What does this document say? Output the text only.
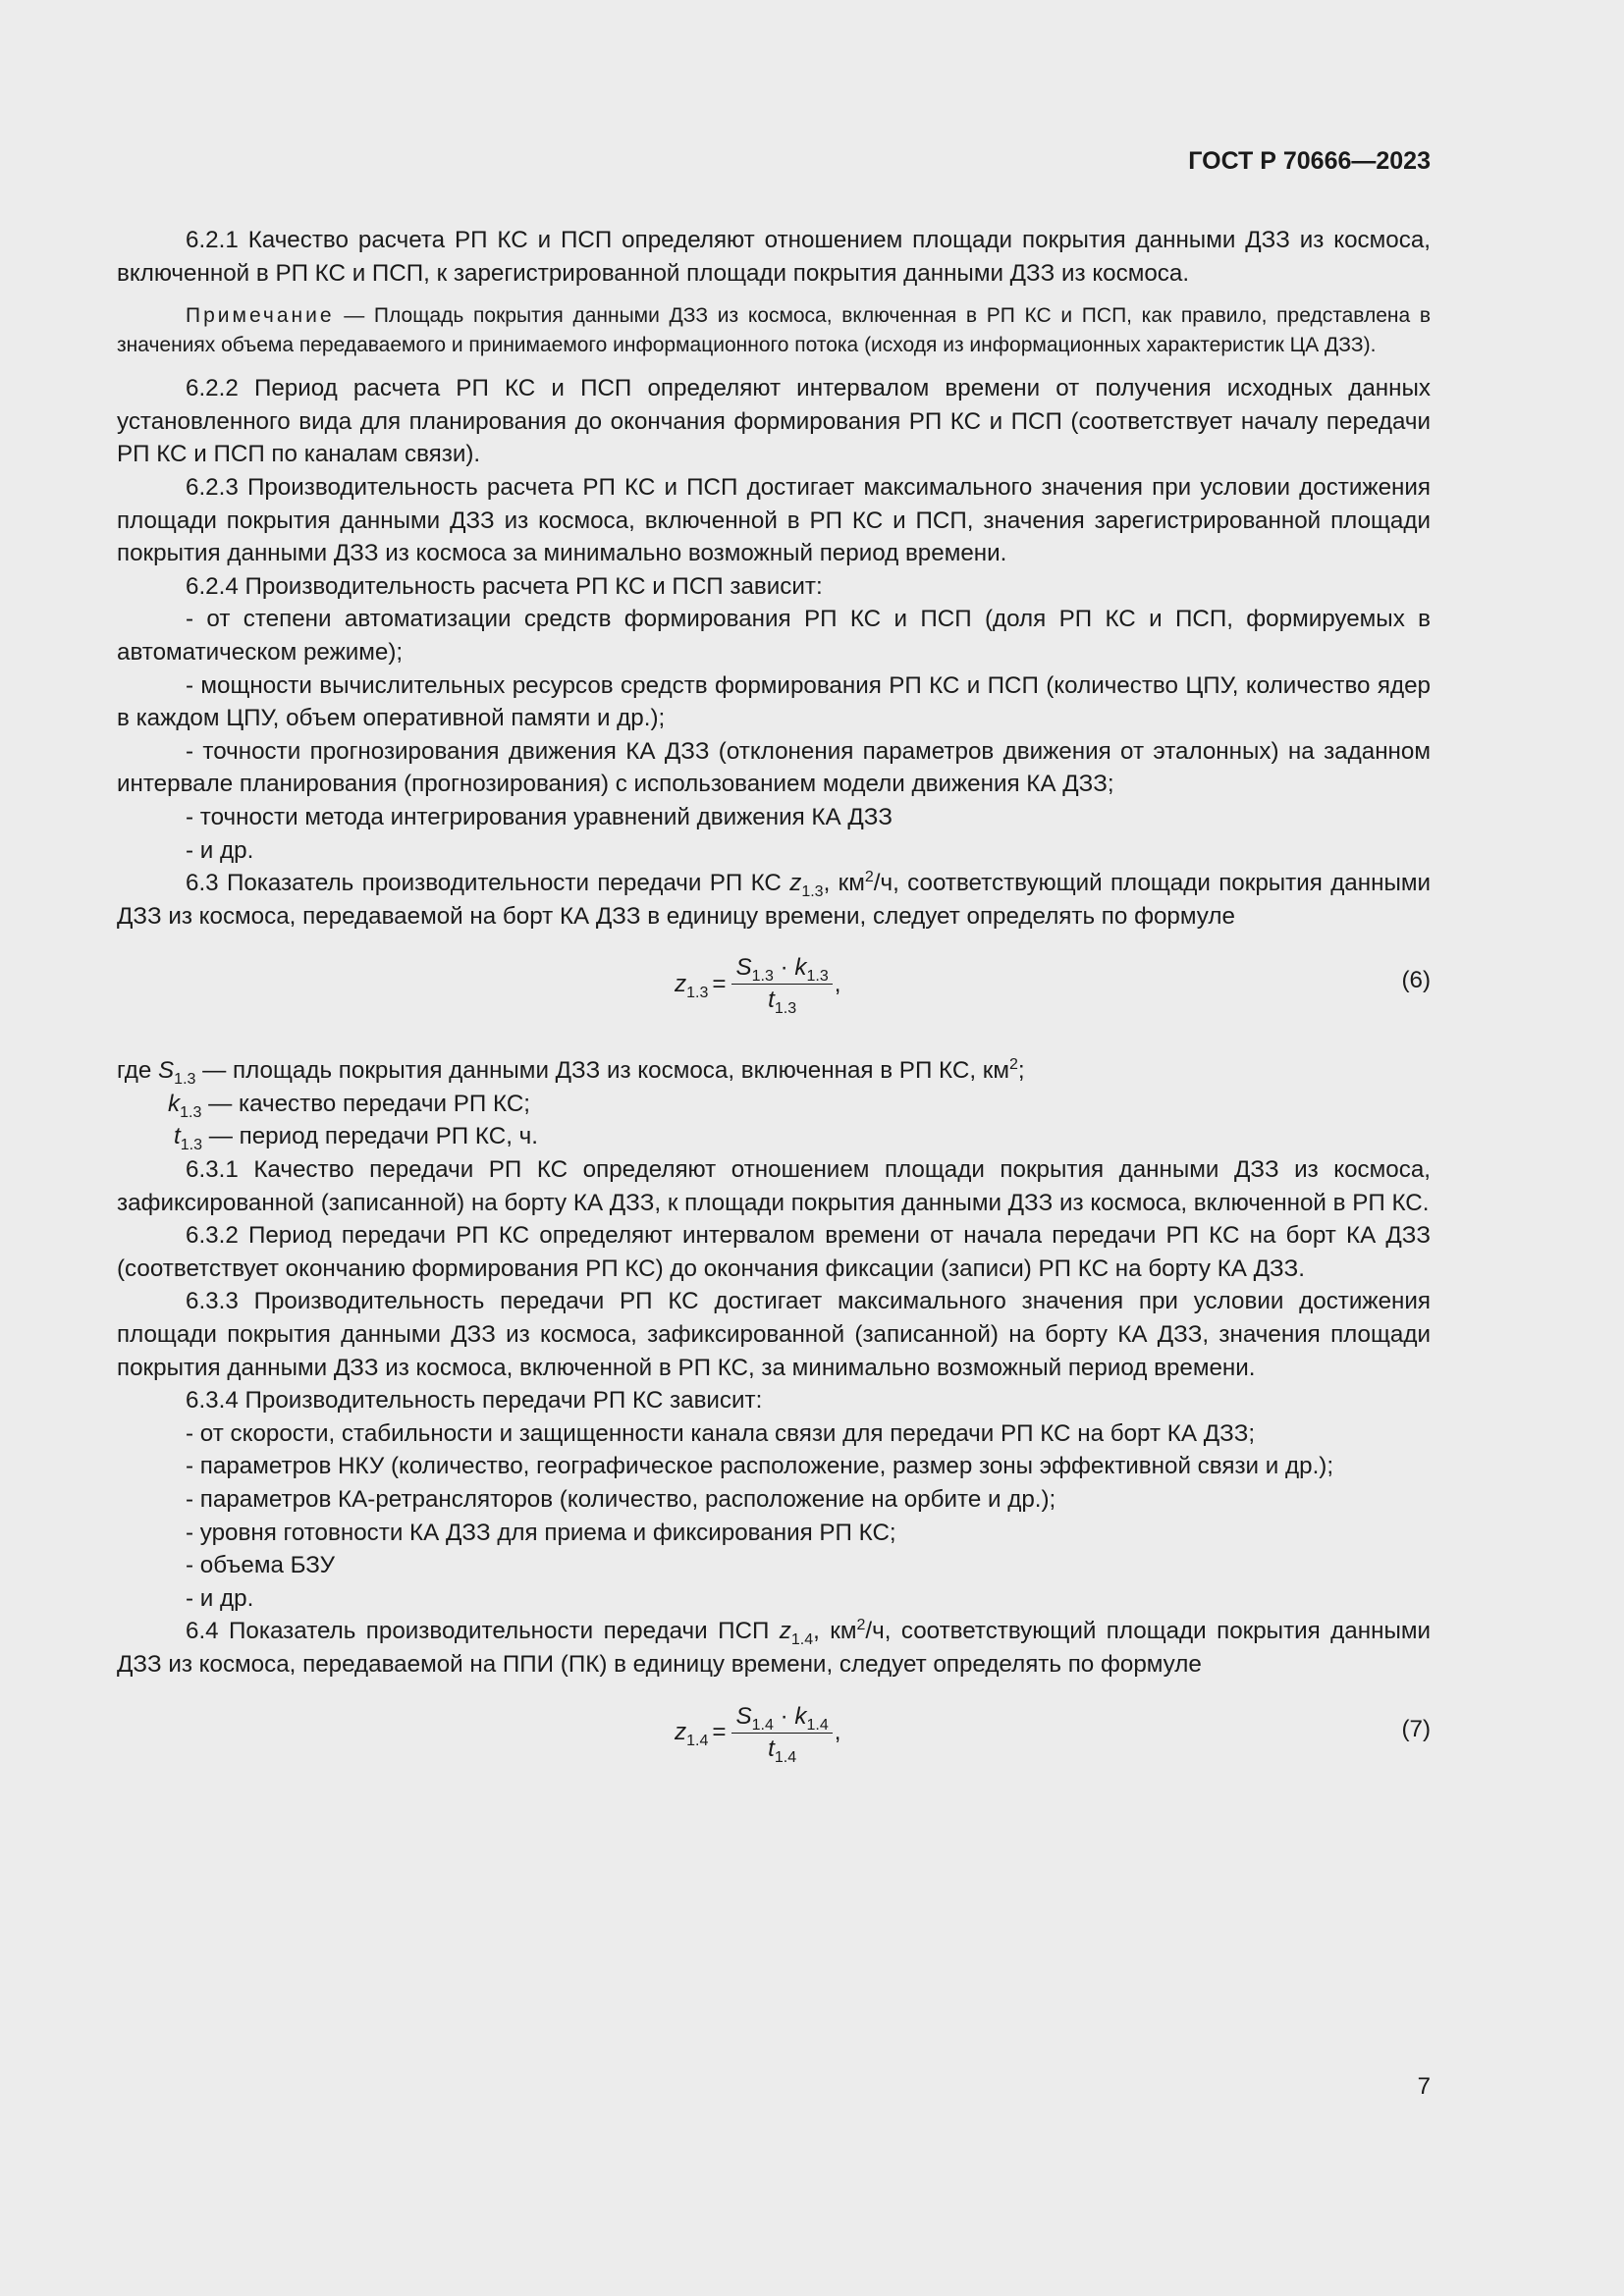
ГОСТ Р 70666—2023

6.2.1 Качество расчета РП КС и ПСП определяют отношением площади покрытия данными ДЗЗ из космоса, включенной в РП КС и ПСП, к зарегистрированной площади покрытия данными ДЗЗ из космоса.

Примечание — Площадь покрытия данными ДЗЗ из космоса, включенная в РП КС и ПСП, как правило, представлена в значениях объема передаваемого и принимаемого информационного потока (исходя из информационных характеристик ЦА ДЗЗ).

6.2.2 Период расчета РП КС и ПСП определяют интервалом времени от получения исходных данных установленного вида для планирования до окончания формирования РП КС и ПСП (соответствует началу передачи РП КС и ПСП по каналам связи).

6.2.3 Производительность расчета РП КС и ПСП достигает максимального значения при условии достижения площади покрытия данными ДЗЗ из космоса, включенной в РП КС и ПСП, значения зарегистрированной площади покрытия данными ДЗЗ из космоса за минимально возможный период времени.

6.2.4 Производительность расчета РП КС и ПСП зависит:

- от степени автоматизации средств формирования РП КС и ПСП (доля РП КС и ПСП, формируемых в автоматическом режиме);

- мощности вычислительных ресурсов средств формирования РП КС и ПСП (количество ЦПУ, количество ядер в каждом ЦПУ, объем оперативной памяти и др.);

- точности прогнозирования движения КА ДЗЗ (отклонения параметров движения от эталонных) на заданном интервале планирования (прогнозирования) с использованием модели движения КА ДЗЗ;

- точности метода интегрирования уравнений движения КА ДЗЗ

- и др.

6.3 Показатель производительности передачи РП КС $z_{1.3}$, $км^2/ч$, соответствующий площади покрытия данными ДЗЗ из космоса, передаваемой на борт КА ДЗЗ в единицу времени, следует определять по формуле

$z_{1.3} = \frac{S_{1.3} \cdot k_{1.3}}{t_{1.3}}$ ,	(6)

где $S_{1.3}$ — площадь покрытия данными ДЗЗ из космоса, включенная в РП КС, $км^2$;

$k_{1.3}$ — качество передачи РП КС;

$t_{1.3}$ — период передачи РП КС, ч.

6.3.1 Качество передачи РП КС определяют отношением площади покрытия данными ДЗЗ из космоса, зафиксированной (записанной) на борту КА ДЗЗ, к площади покрытия данными ДЗЗ из космоса, включенной в РП КС.

6.3.2 Период передачи РП КС определяют интервалом времени от начала передачи РП КС на борт КА ДЗЗ (соответствует окончанию формирования РП КС) до окончания фиксации (записи) РП КС на борту КА ДЗЗ.

6.3.3 Производительность передачи РП КС достигает максимального значения при условии достижения площади покрытия данными ДЗЗ из космоса, зафиксированной (записанной) на борту КА ДЗЗ, значения площади покрытия данными ДЗЗ из космоса, включенной в РП КС, за минимально возможный период времени.

6.3.4 Производительность передачи РП КС зависит:

- от скорости, стабильности и защищенности канала связи для передачи РП КС на борт КА ДЗЗ;

- параметров НКУ (количество, географическое расположение, размер зоны эффективной связи и др.);

- параметров КА-ретрансляторов (количество, расположение на орбите и др.);

- уровня готовности КА ДЗЗ для приема и фиксирования РП КС;

- объема БЗУ

- и др.

6.4 Показатель производительности передачи ПСП $z_{1.4}$, $км^2/ч$, соответствующий площади покрытия данными ДЗЗ из космоса, передаваемой на ППИ (ПК) в единицу времени, следует определять по формуле

$z_{1.4} = \frac{S_{1.4} \cdot k_{1.4}}{t_{1.4}}$ ,	(7)
7
